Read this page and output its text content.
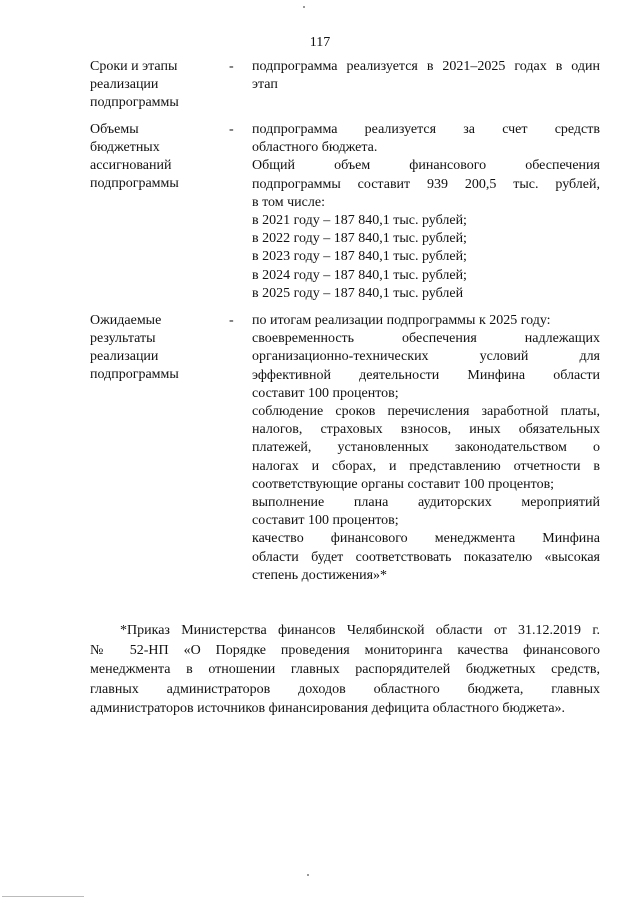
117
Сроки и этапы
реализации
подпрограммы
- подпрограмма реализуется в 2021–2025 годах в один
этап
Объемы
бюджетных
ассигнований
подпрограммы
- подпрограмма реализуется за счет средств
областного бюджета.
Общий объем финансового обеспечения
подпрограммы составит 939 200,5 тыс. рублей,
в том числе:
в 2021 году – 187 840,1 тыс. рублей;
в 2022 году – 187 840,1 тыс. рублей;
в 2023 году – 187 840,1 тыс. рублей;
в 2024 году – 187 840,1 тыс. рублей;
в 2025 году – 187 840,1 тыс. рублей
Ожидаемые
результаты
реализации
подпрограммы
- по итогам реализации подпрограммы к 2025 году:
своевременность обеспечения надлежащих
организационно-технических условий для
эффективной деятельности Минфина области
составит 100 процентов;
соблюдение сроков перечисления заработной платы,
налогов, страховых взносов, иных обязательных
платежей, установленных законодательством о
налогах и сборах, и представлению отчетности в
соответствующие органы составит 100 процентов;
выполнение плана аудиторских мероприятий
составит 100 процентов;
качество финансового менеджмента Минфина
области будет соответствовать показателю «высокая
степень достижения»*
*Приказ Министерства финансов Челябинской области от 31.12.2019 г.
№ 52-НП «О Порядке проведения мониторинга качества финансового
менеджмента в отношении главных распорядителей бюджетных средств,
главных администраторов доходов областного бюджета, главных
администраторов источников финансирования дефицита областного бюджета».
